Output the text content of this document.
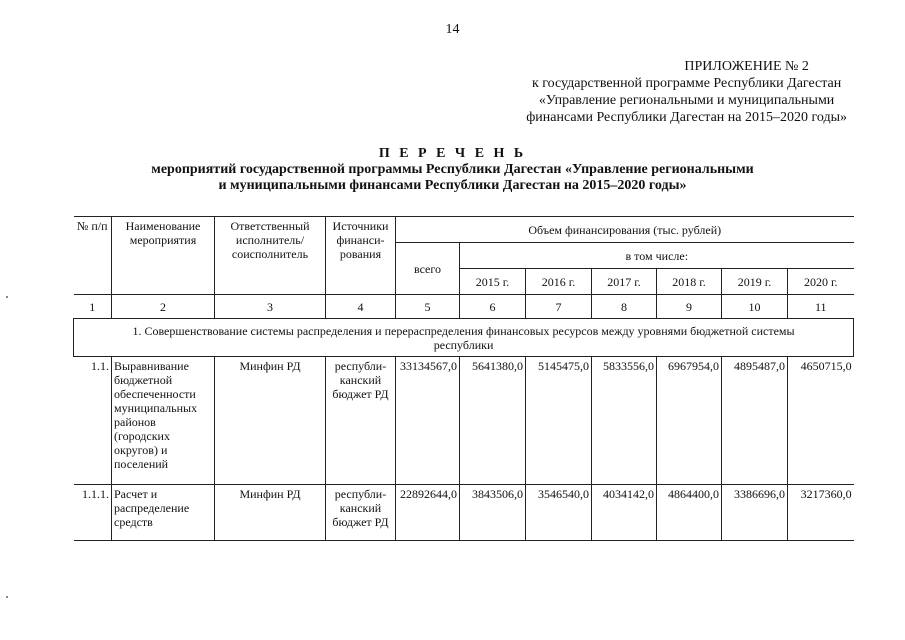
14
ПРИЛОЖЕНИЕ № 2
к государственной программе Республики Дагестан
«Управление региональными и муниципальными
финансами Республики Дагестан на 2015–2020 годы»
П Е Р Е Ч Е Н Ь
мероприятий государственной программы Республики Дагестан «Управление региональными
и муниципальными финансами Республики Дагестан на 2015–2020 годы»
№ п/п	Наименование мероприятия	Ответственный исполнитель/ соисполнитель	Источники финанси- рования	Объем финансирования (тыс. рублей)						
				всего	в том числе:					
					2015 г.	2016 г.	2017 г.	2018 г.	2019 г.	2020 г.
1	2	3	4	5	6	7	8	9	10	11
1. Совершенствование системы распределения и перераспределения финансовых ресурсов между уровнями бюджетной системы республики										
1.1.	Выравнивание бюджетной обеспеченности муниципальных районов (городских округов) и поселений	Минфин РД	республи- канский бюджет РД	33134567,0	5641380,0	5145475,0	5833556,0	6967954,0	4895487,0	4650715,0
1.1.1.	Расчет и распределение средств	Минфин РД	республи- канский бюджет РД	22892644,0	3843506,0	3546540,0	4034142,0	4864400,0	3386696,0	3217360,0
